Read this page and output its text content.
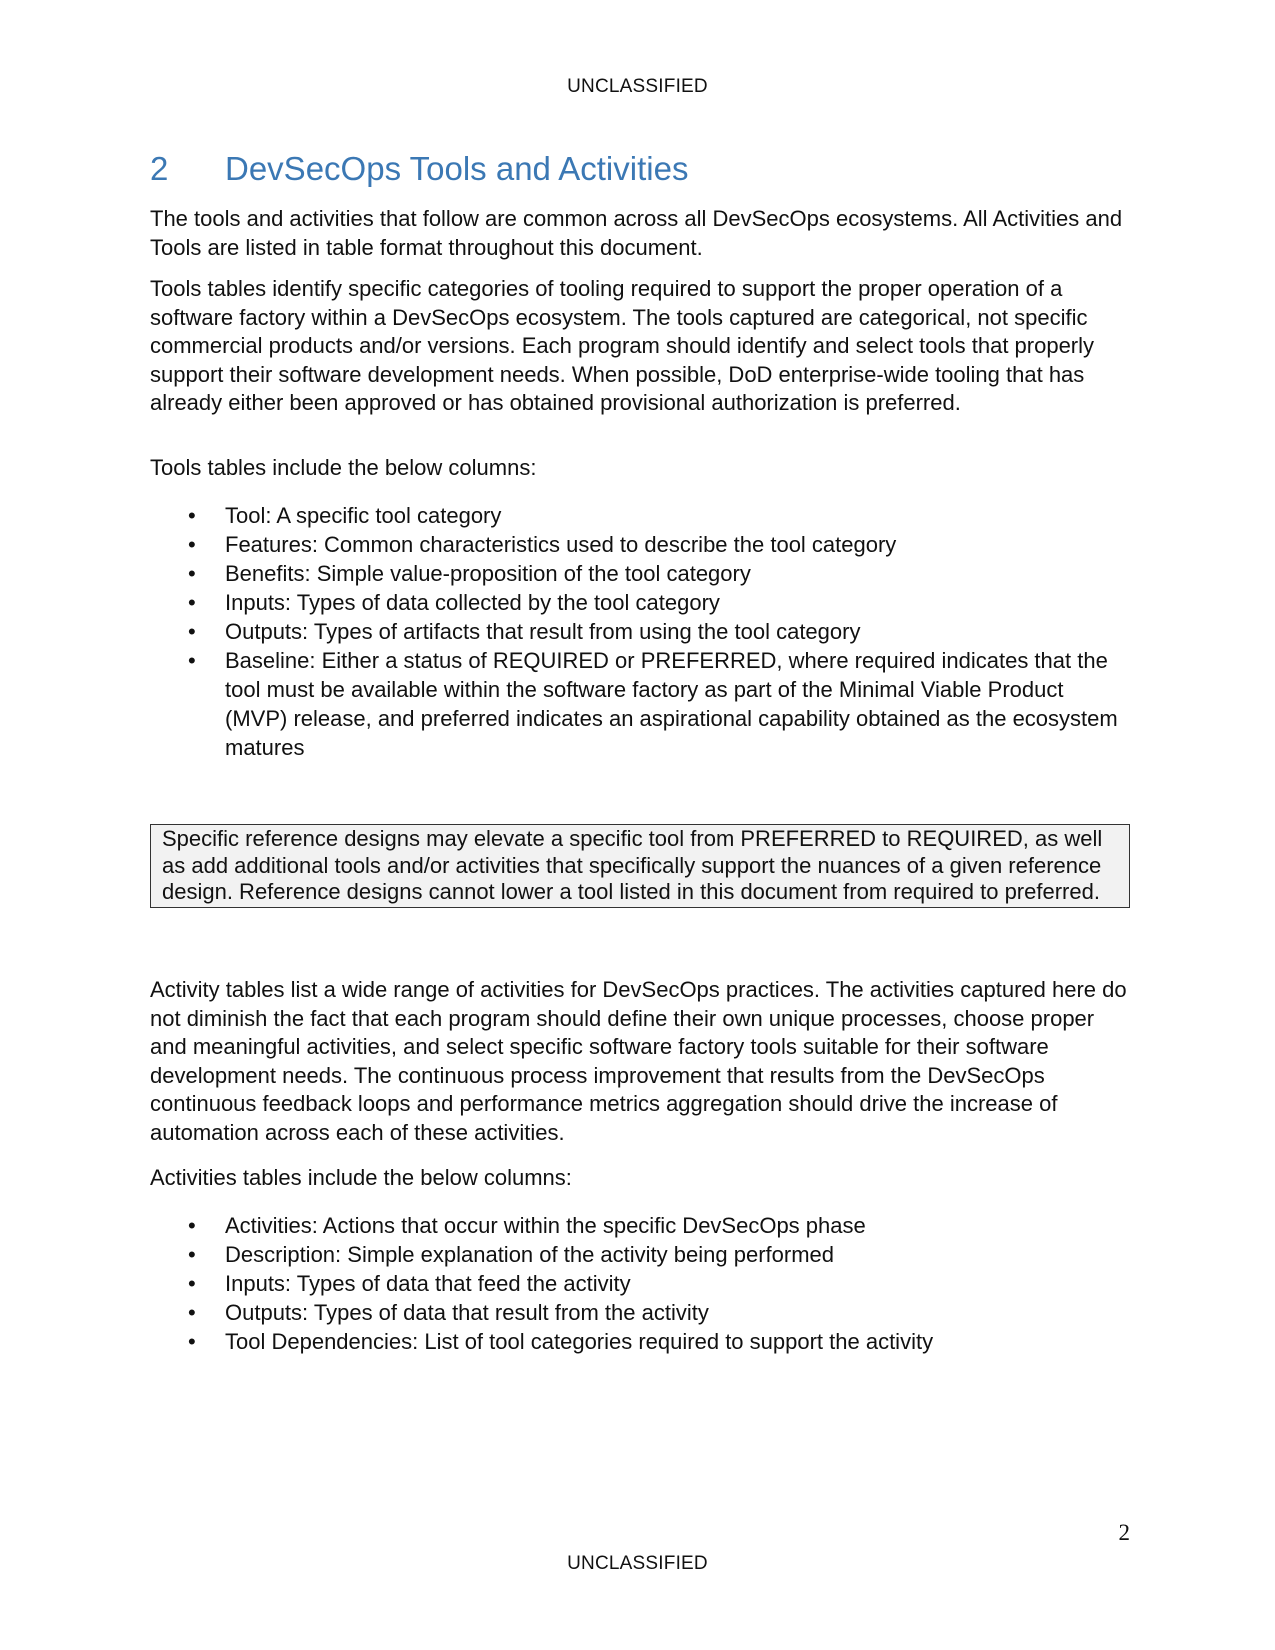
UNCLASSIFIED
2	DevSecOps Tools and Activities

The tools and activities that follow are common across all DevSecOps ecosystems. All Activities and Tools are listed in table format throughout this document.

Tools tables identify specific categories of tooling required to support the proper operation of a software factory within a DevSecOps ecosystem. The tools captured are categorical, not specific commercial products and/or versions. Each program should identify and select tools that properly support their software development needs. When possible, DoD enterprise-wide tooling that has already either been approved or has obtained provisional authorization is preferred.

Tools tables include the below columns:

• Tool: A specific tool category
• Features: Common characteristics used to describe the tool category
• Benefits: Simple value-proposition of the tool category
• Inputs: Types of data collected by the tool category
• Outputs: Types of artifacts that result from using the tool category
• Baseline: Either a status of REQUIRED or PREFERRED, where required indicates that the tool must be available within the software factory as part of the Minimal Viable Product (MVP) release, and preferred indicates an aspirational capability obtained as the ecosystem matures

Specific reference designs may elevate a specific tool from PREFERRED to REQUIRED, as well as add additional tools and/or activities that specifically support the nuances of a given reference design. Reference designs cannot lower a tool listed in this document from required to preferred.

Activity tables list a wide range of activities for DevSecOps practices. The activities captured here do not diminish the fact that each program should define their own unique processes, choose proper and meaningful activities, and select specific software factory tools suitable for their software development needs. The continuous process improvement that results from the DevSecOps continuous feedback loops and performance metrics aggregation should drive the increase of automation across each of these activities.

Activities tables include the below columns:

• Activities: Actions that occur within the specific DevSecOps phase
• Description: Simple explanation of the activity being performed
• Inputs: Types of data that feed the activity
• Outputs: Types of data that result from the activity
• Tool Dependencies: List of tool categories required to support the activity
2
UNCLASSIFIED
